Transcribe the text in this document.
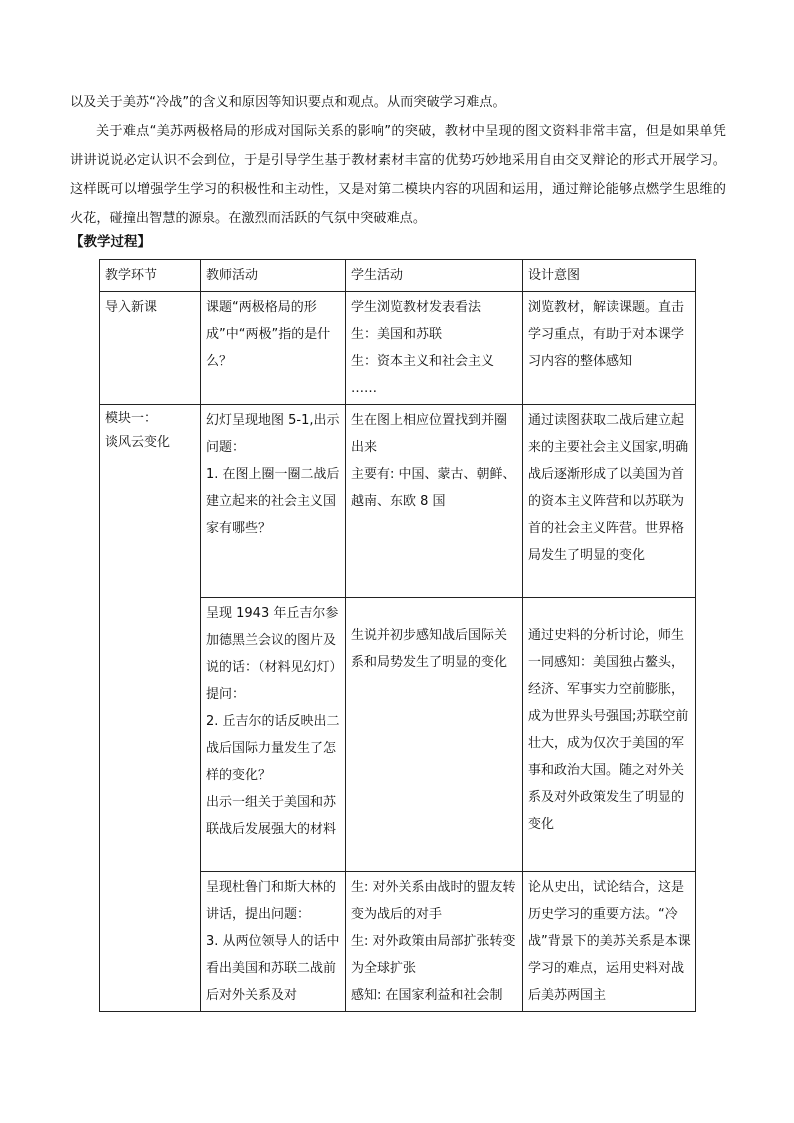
以及关于美苏“冷战”的含义和原因等知识要点和观点。从而突破学习难点。

关于难点“美苏两极格局的形成对国际关系的影响”的突破，教材中呈现的图文资料非常丰富，但是如果单凭讲讲说说必定认识不会到位，于是引导学生基于教材素材丰富的优势巧妙地采用自由交叉辩论的形式开展学习。这样既可以增强学生学习的积极性和主动性，又是对第二模块内容的巩固和运用，通过辩论能够点燃学生思维的火花，碰撞出智慧的源泉。在激烈而活跃的气氛中突破难点。

【教学过程】

教学环节	教师活动	学生活动	设计意图

导入新课	课题“两极格局的形成”中“两极”指的是什么？	学生浏览教材发表看法
生：美国和苏联
生：资本主义和社会主义
……	浏览教材，解读课题。直击学习重点，有助于对本课学习内容的整体感知

模块一：
谈风云变化	幻灯呈现地图 5-1,出示问题：
1. 在图上圈一圈二战后建立起来的社会主义国家有哪些？	生在图上相应位置找到并圈出来
主要有: 中国、蒙古、朝鲜、越南、东欧 8 国	通过读图获取二战后建立起来的主要社会主义国家,明确战后逐渐形成了以美国为首的资本主义阵营和以苏联为首的社会主义阵营。世界格局发生了明显的变化

	呈现 1943 年丘吉尔参加德黑兰会议的图片及说的话：（材料见幻灯）提问：
2. 丘吉尔的话反映出二战后国际力量发生了怎样的变化？
出示一组关于美国和苏联战后发展强大的材料	生说并初步感知战后国际关系和局势发生了明显的变化	通过史料的分析讨论，师生一同感知：美国独占鳌头，经济、军事实力空前膨胀，成为世界头号强国;苏联空前壮大，成为仅次于美国的军事和政治大国。随之对外关系及对外政策发生了明显的变化

	呈现杜鲁门和斯大林的讲话，提出问题：
3. 从两位领导人的话中看出美国和苏联二战前后对外关系及对	生: 对外关系由战时的盟友转变为战后的对手
生: 对外政策由局部扩张转变为全球扩张
感知: 在国家利益和社会制	论从史出，试论结合，这是历史学习的重要方法。“冷战”背景下的美苏关系是本课学习的难点，运用史料对战后美苏两国主
